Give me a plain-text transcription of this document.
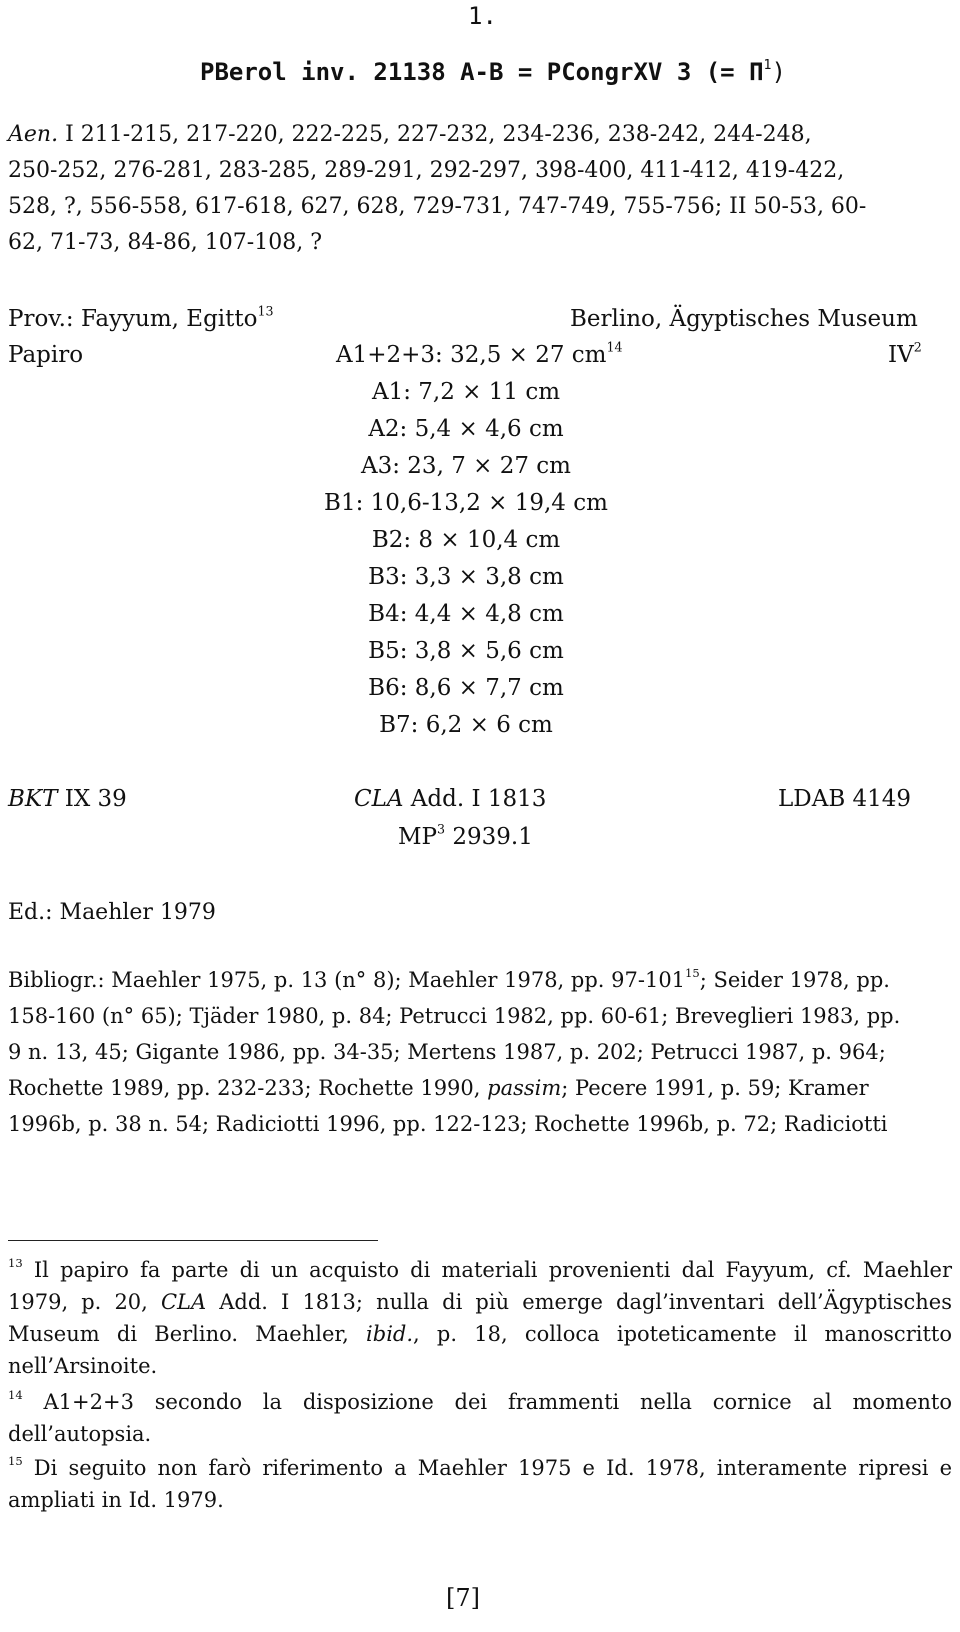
1.
PBerol inv. 21138 A-B = PCongrXV 3 (= $\Pi^1$)
Aen. I 211-215, 217-220, 222-225, 227-232, 234-236, 238-242, 244-248,
250-252, 276-281, 283-285, 289-291, 292-297, 398-400, 411-412, 419-422,
528, ?, 556-558, 617-618, 627, 628, 729-731, 747-749, 755-756; II 50-53, 60-
62, 71-73, 84-86, 107-108, ?
Prov.: Fayyum, Egitto$^{13}$	Berlino, Ägyptisches Museum
Papiro	A1+2+3: 32,5 × 27 $cm^{14}$	$IV^2$
A1: 7,2 × 11 cm
A2: 5,4 × 4,6 cm
A3: 23, 7 × 27 cm
B1: 10,6-13,2 × 19,4 cm
B2: 8 × 10,4 cm
B3: 3,3 × 3,8 cm
B4: 4,4 × 4,8 cm
B5: 3,8 × 5,6 cm
B6: 8,6 × 7,7 cm
B7: 6,2 × 6 cm
BKT IX 39	CLA Add. I 1813	LDAB 4149
$MP^3$ 2939.1
Ed.: Maehler 1979
Bibliogr.: Maehler 1975, p. 13 (n° 8); Maehler 1978, pp. $97-101^{15}$; Seider 1978, pp.
158-160 (n° 65); Tjäder 1980, p. 84; Petrucci 1982, pp. 60-61; Breveglieri 1983, pp.
9 n. 13, 45; Gigante 1986, pp. 34-35; Mertens 1987, p. 202; Petrucci 1987, p. 964;
Rochette 1989, pp. 232-233; Rochette 1990, passim; Pecere 1991, p. 59; Kramer
1996b, p. 38 n. 54; Radiciotti 1996, pp. 122-123; Rochette 1996b, p. 72; Radiciotti
$^{13}$ Il papiro fa parte di un acquisto di materiali provenienti dal Fayyum, cf. Maehler 1979, p. 20, CLA Add. I 1813; nulla di più emerge dagl’inventari dell’Ägyptisches Museum di Berlino. Maehler, ibid., p. 18, colloca ipoteticamente il manoscritto nell’Arsinoite.
$^{14}$ A1+2+3 secondo la disposizione dei frammenti nella cornice al momento dell’autopsia.
$^{15}$ Di seguito non farò riferimento a Maehler 1975 e Id. 1978, interamente ripresi e ampliati in Id. 1979.
[7]
